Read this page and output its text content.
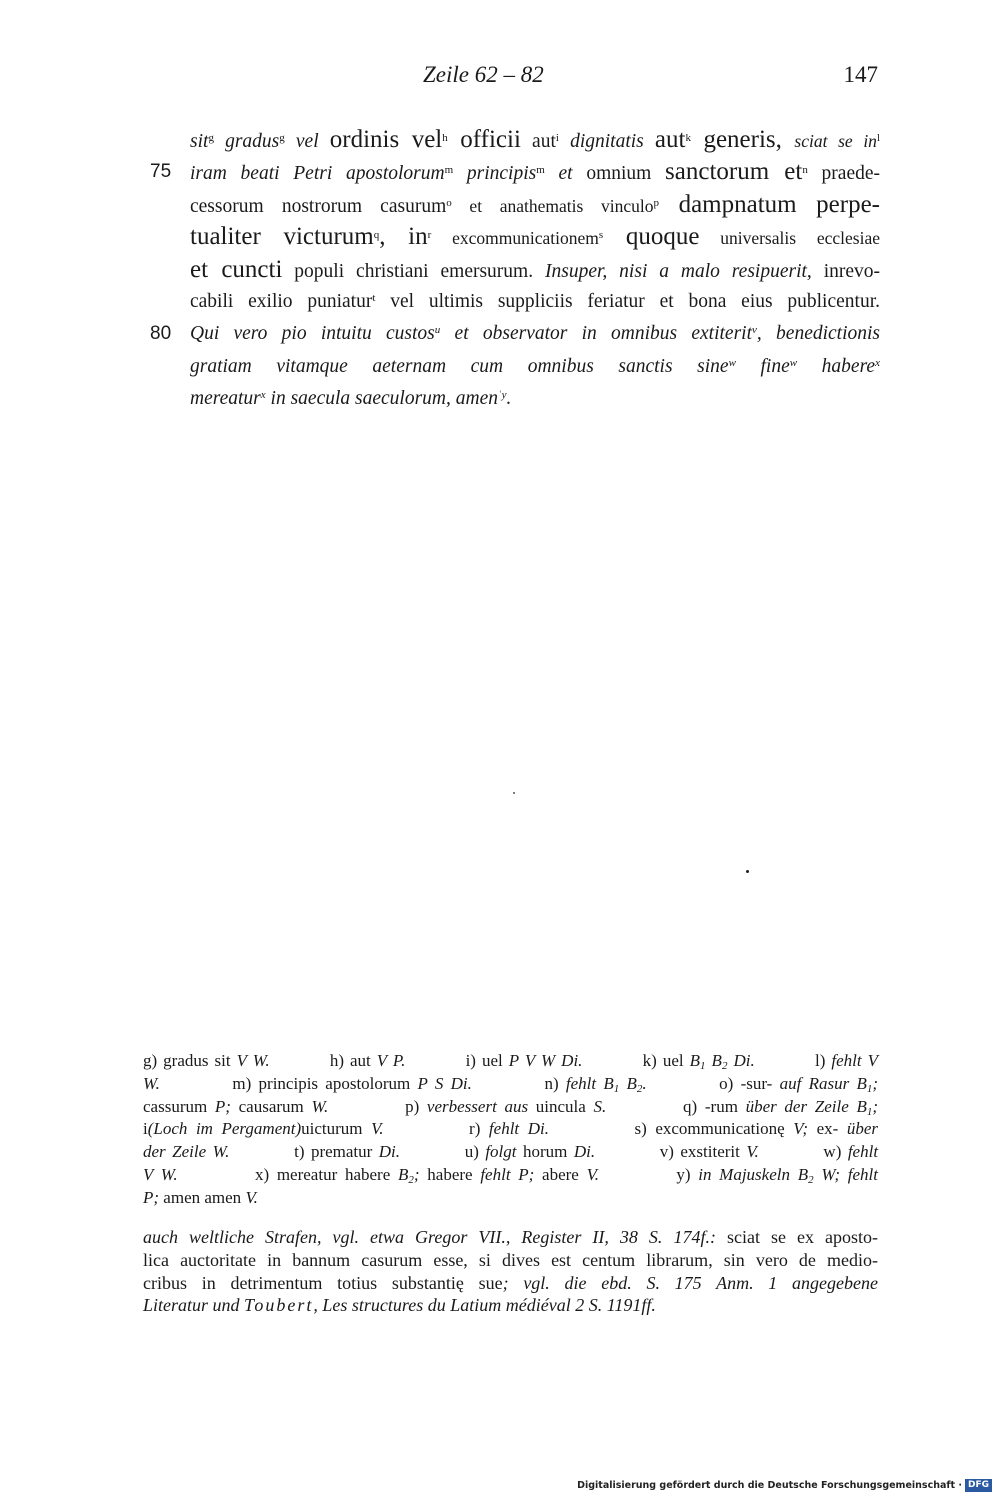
Zeile 62 – 82	147
sit$^g$ gradus$^g$ vel ordinis vel$^h$ officii aut$^i$ dignitatis aut$^k$ generis, sciat se $in^l$
75 iram beati Petri apostolorum$^m$ principis$^m$ et omnium sanctorum $et^n$ praede-
cessorum nostrorum casurum$^o$ et anathematis vinculo$^p$ dampnatum perpe-
tualiter victurum$^q$, $in^r$ excommunicationem$^s$ quoque universalis ecclesiae
et cuncti populi christiani emersurum. Insuper, nisi a malo resipuerit, inrevo-
cabili exilio puniatur$^t$ vel ultimis suppliciis feriatur et bona eius publicentur.
80 Qui vero pio intuitu custos$^u$ et observator in omnibus extiterit$^v$, benedictionis
gratiam vitamque aeternam cum omnibus sanctis sine$^w$ fine$^w$ habere$^x$
mereatur$^x$ in saecula saeculorum, amen$^{ʿy}$.
g) gradus sit V W.	h) aut V P.	i) uel P V W Di.	k) uel $B_1$ $B_2$ Di.	l) fehlt V
W.	m) principis apostolorum P S Di.	n) fehlt $B_1$ $B_2$.	o) -sur- auf Rasur $B_1$;
cassurum P; causarum W.	p) verbessert aus uincula S.	q) -rum über der Zeile $B_1$;
i(Loch im Pergament)uicturum V.	r) fehlt Di.	s) excommunicationę V; ex- über
der Zeile W.	t) prematur Di.	u) folgt horum Di.	v) exstiterit V.	w) fehlt
V W.	x) mereatur habere $B_2$; habere fehlt P; abere V.	y) in Majuskeln $B_2$ W; fehlt
P; amen amen V.
auch weltliche Strafen, vgl. etwa Gregor VII., Register II, 38 S. 174f.: sciat se ex aposto-
lica auctoritate in bannum casurum esse, si dives est centum librarum, sin vero de medio-
cribus in detrimentum totius substantię sue; vgl. die ebd. S. 175 Anm. 1 angegebene
Literatur und Toubert, Les structures du Latium médiéval 2 S. 1191ff.
Digitalisierung gefördert durch die Deutsche Forschungsgemeinschaft · DFG
